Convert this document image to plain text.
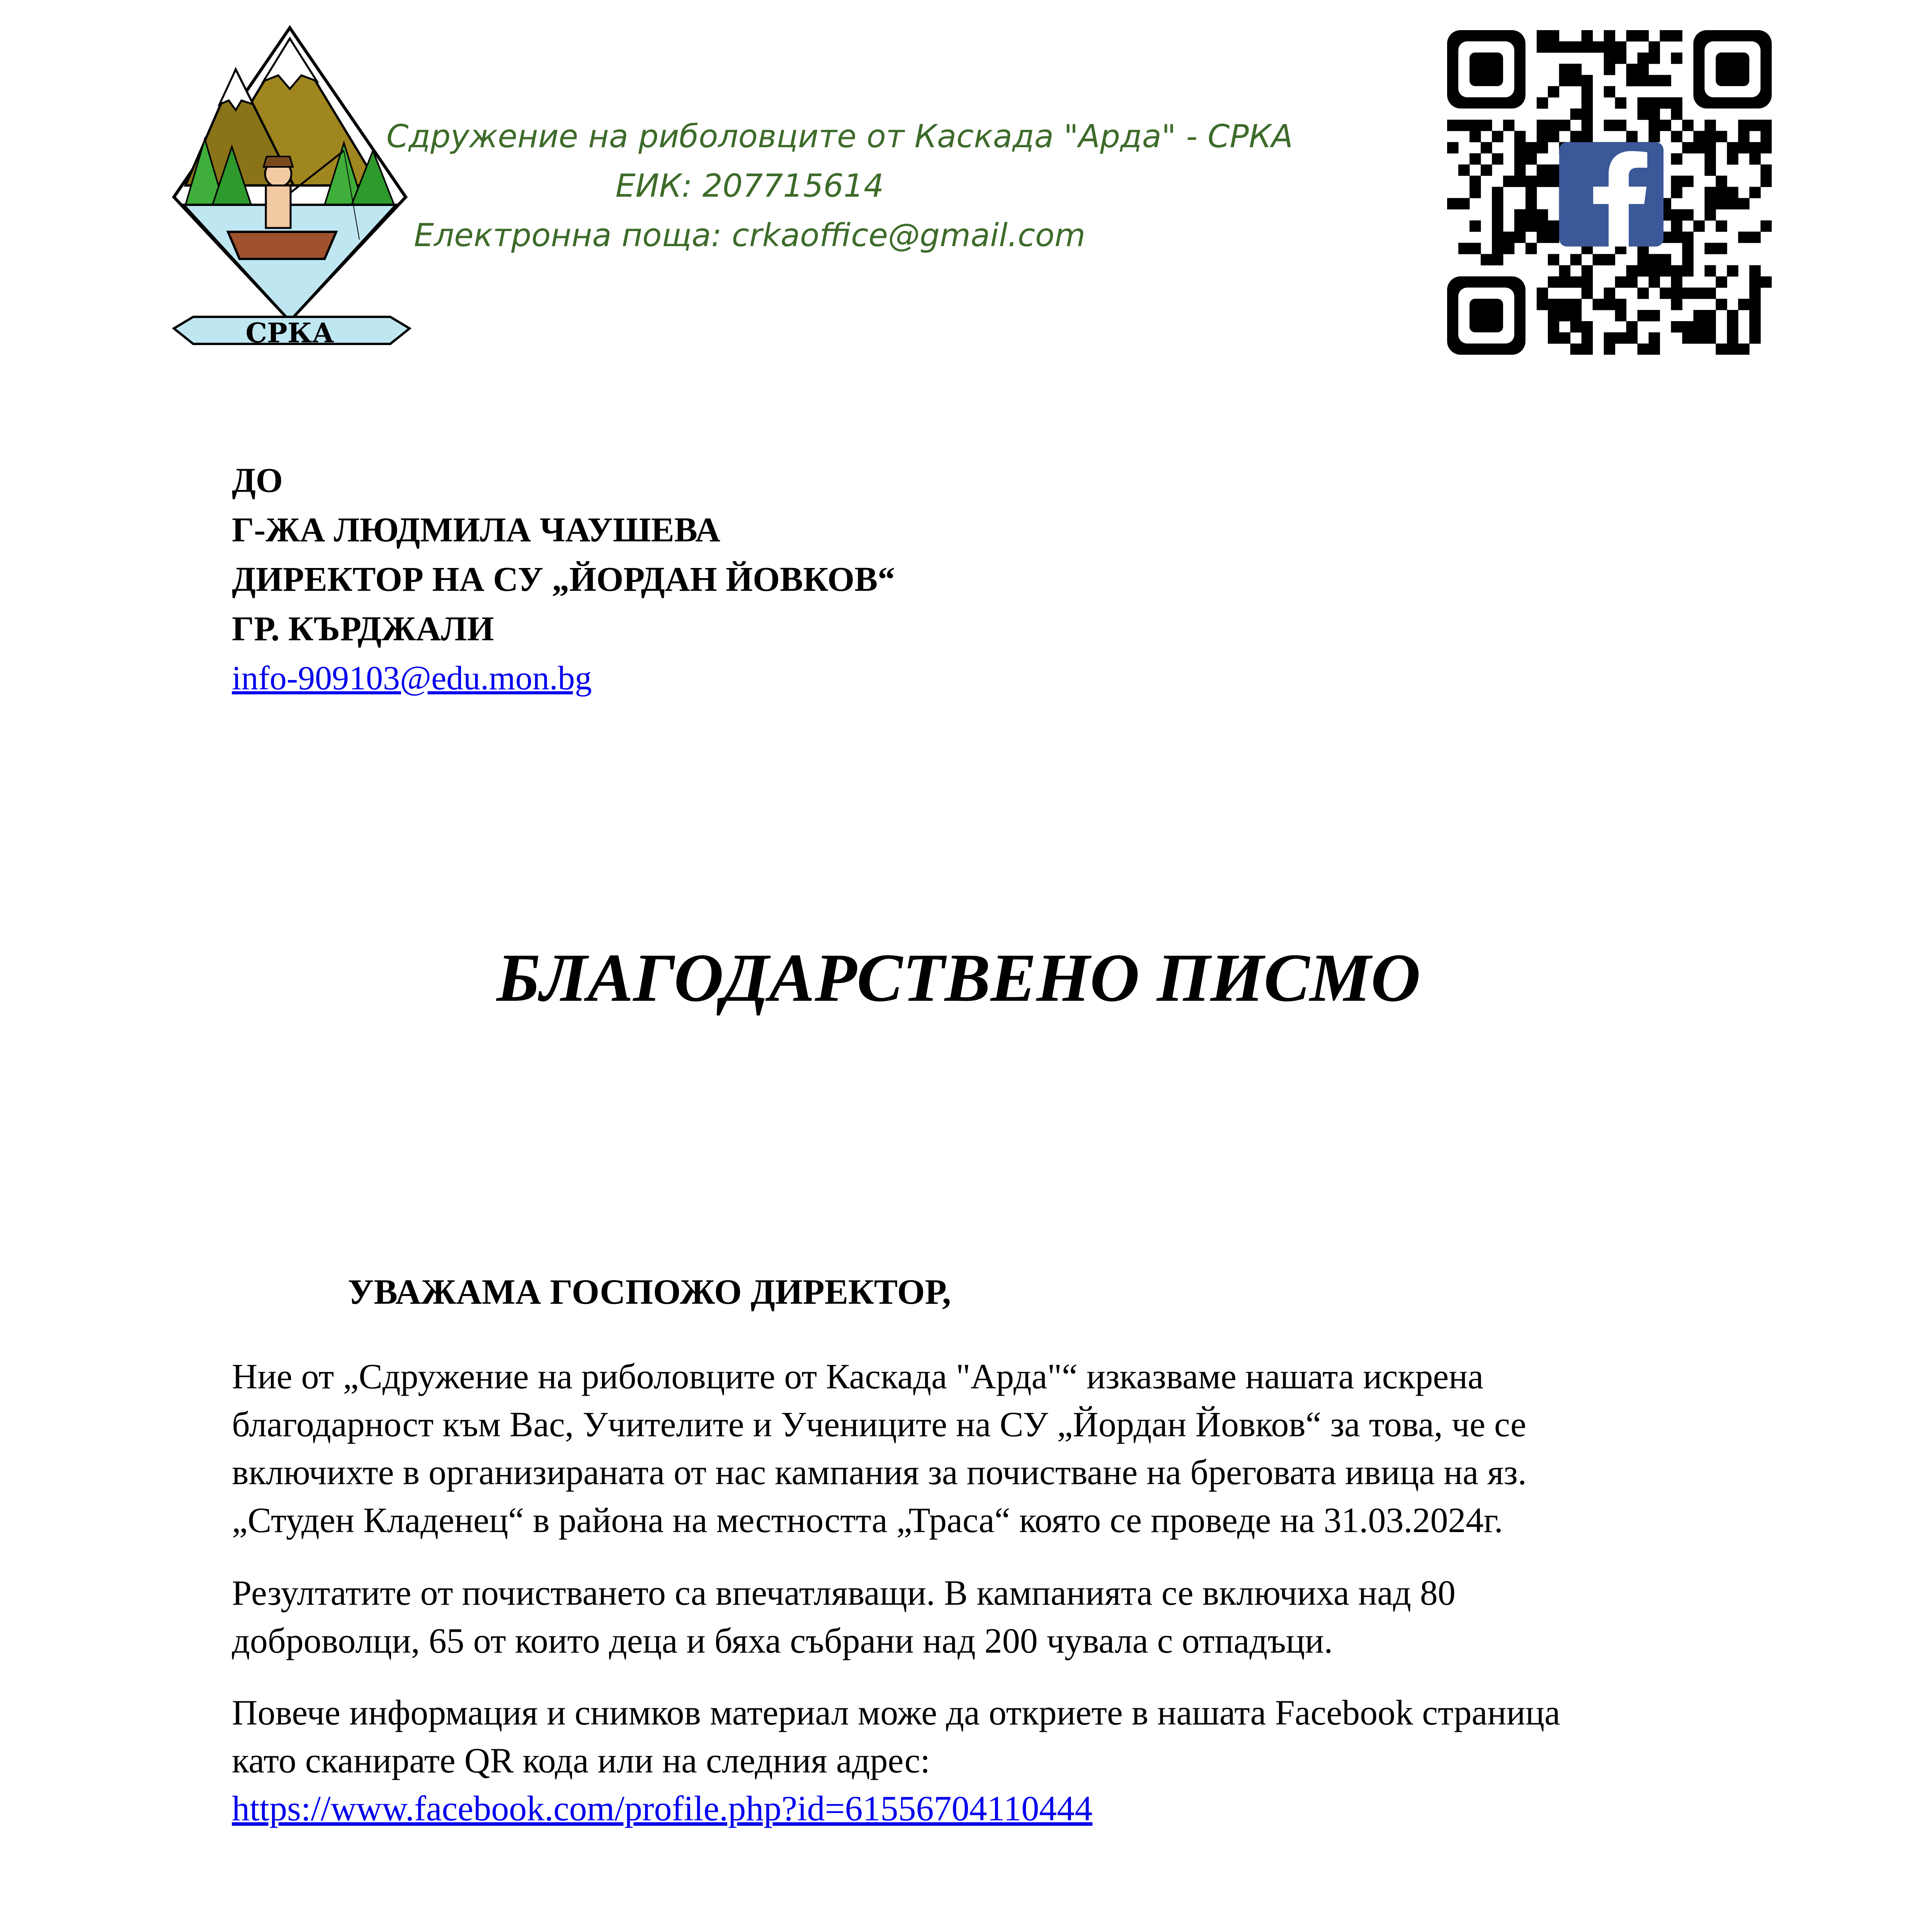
СРКА
Сдружение на риболовците от Каскада "Арда" - СРКА
ЕИК: 207715614
Електронна поща: crkaoffice@gmail.com
ДО
Г-ЖА ЛЮДМИЛА ЧАУШЕВА
ДИРЕКТОР НА СУ „ЙОРДАН ЙОВКОВ“
ГР. КЪРДЖАЛИ
info-909103@edu.mon.bg
БЛАГОДАРСТВЕНО ПИСМО
УВАЖАМА ГОСПОЖО ДИРЕКТОР,
Ние от „Сдружение на риболовците от Каскада "Арда"“ изказваме нашата искрена
благодарност към Вас, Учителите и Учениците на СУ „Йордан Йовков“ за това, че се
включихте в организираната от нас кампания за почистване на бреговата ивица на яз.
„Студен Кладенец“ в района на местността „Траса“ която се проведе на 31.03.2024г.
Резултатите от почистването са впечатляващи. В кампанията се включиха над 80
доброволци, 65 от които деца и бяха събрани над 200 чувала с отпадъци.
Повече информация и снимков материал може да откриете в нашата Facebook страница
като сканирате QR кода или на следния адрес:
https://www.facebook.com/profile.php?id=61556704110444
